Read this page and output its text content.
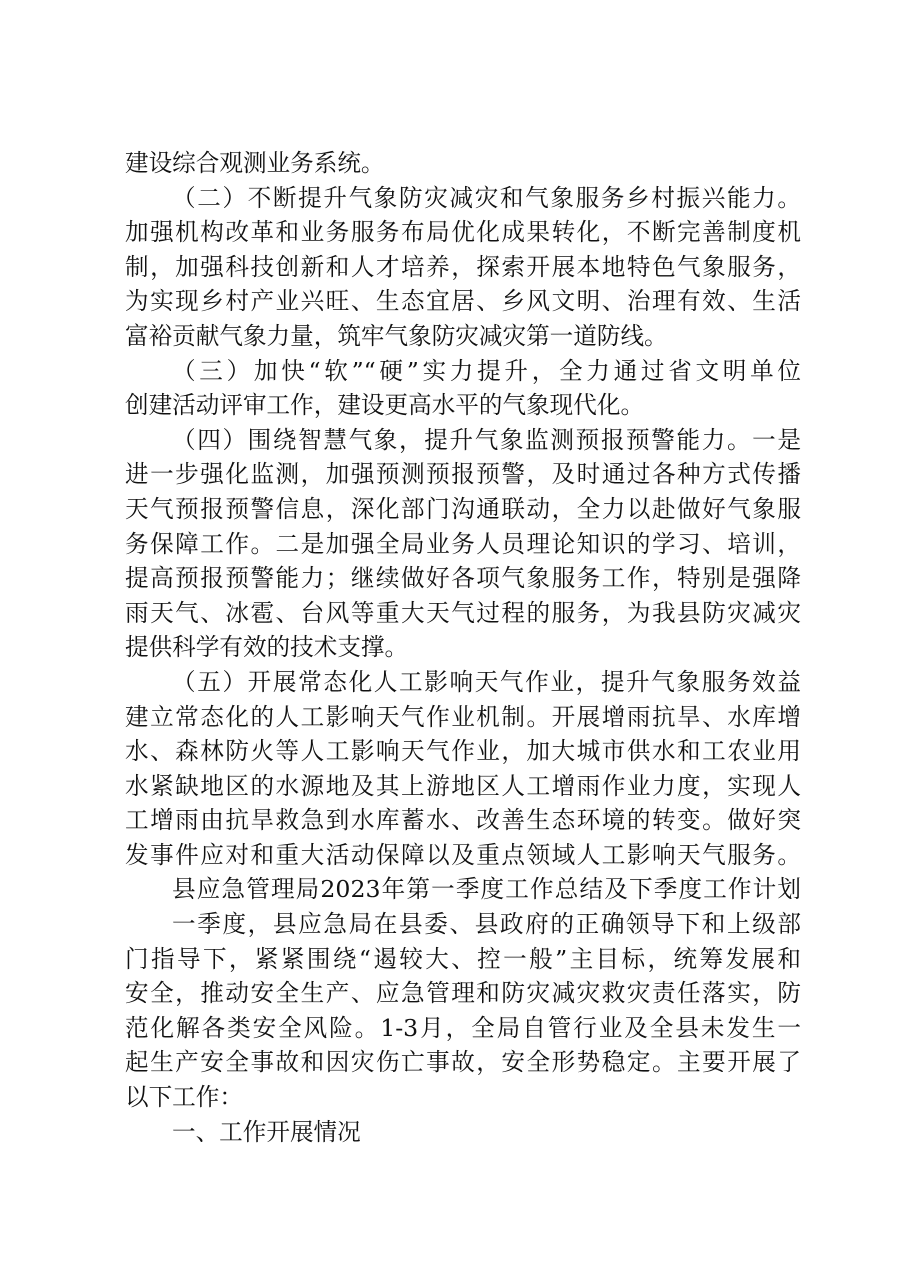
建设综合观测业务系统。
（二）不断提升气象防灾减灾和气象服务乡村振兴能力。
加强机构改革和业务服务布局优化成果转化，不断完善制度机
制，加强科技创新和人才培养，探索开展本地特色气象服务，
为实现乡村产业兴旺、生态宜居、乡风文明、治理有效、生活
富裕贡献气象力量，筑牢气象防灾减灾第一道防线。
（三）加快“软”“硬”实力提升，全力通过省文明单位
创建活动评审工作，建设更高水平的气象现代化。
（四）围绕智慧气象，提升气象监测预报预警能力。一是
进一步强化监测，加强预测预报预警，及时通过各种方式传播
天气预报预警信息，深化部门沟通联动，全力以赴做好气象服
务保障工作。二是加强全局业务人员理论知识的学习、培训，
提高预报预警能力；继续做好各项气象服务工作，特别是强降
雨天气、冰雹、台风等重大天气过程的服务，为我县防灾减灾
提供科学有效的技术支撑。
（五）开展常态化人工影响天气作业，提升气象服务效益
建立常态化的人工影响天气作业机制。开展增雨抗旱、水库增
水、森林防火等人工影响天气作业，加大城市供水和工农业用
水紧缺地区的水源地及其上游地区人工增雨作业力度，实现人
工增雨由抗旱救急到水库蓄水、改善生态环境的转变。做好突
发事件应对和重大活动保障以及重点领域人工影响天气服务。
县应急管理局2023年第一季度工作总结及下季度工作计划
一季度，县应急局在县委、县政府的正确领导下和上级部
门指导下，紧紧围绕“遏较大、控一般”主目标，统筹发展和
安全，推动安全生产、应急管理和防灾减灾救灾责任落实，防
范化解各类安全风险。1-3月，全局自管行业及全县未发生一
起生产安全事故和因灾伤亡事故，安全形势稳定。主要开展了
以下工作：
一、工作开展情况
